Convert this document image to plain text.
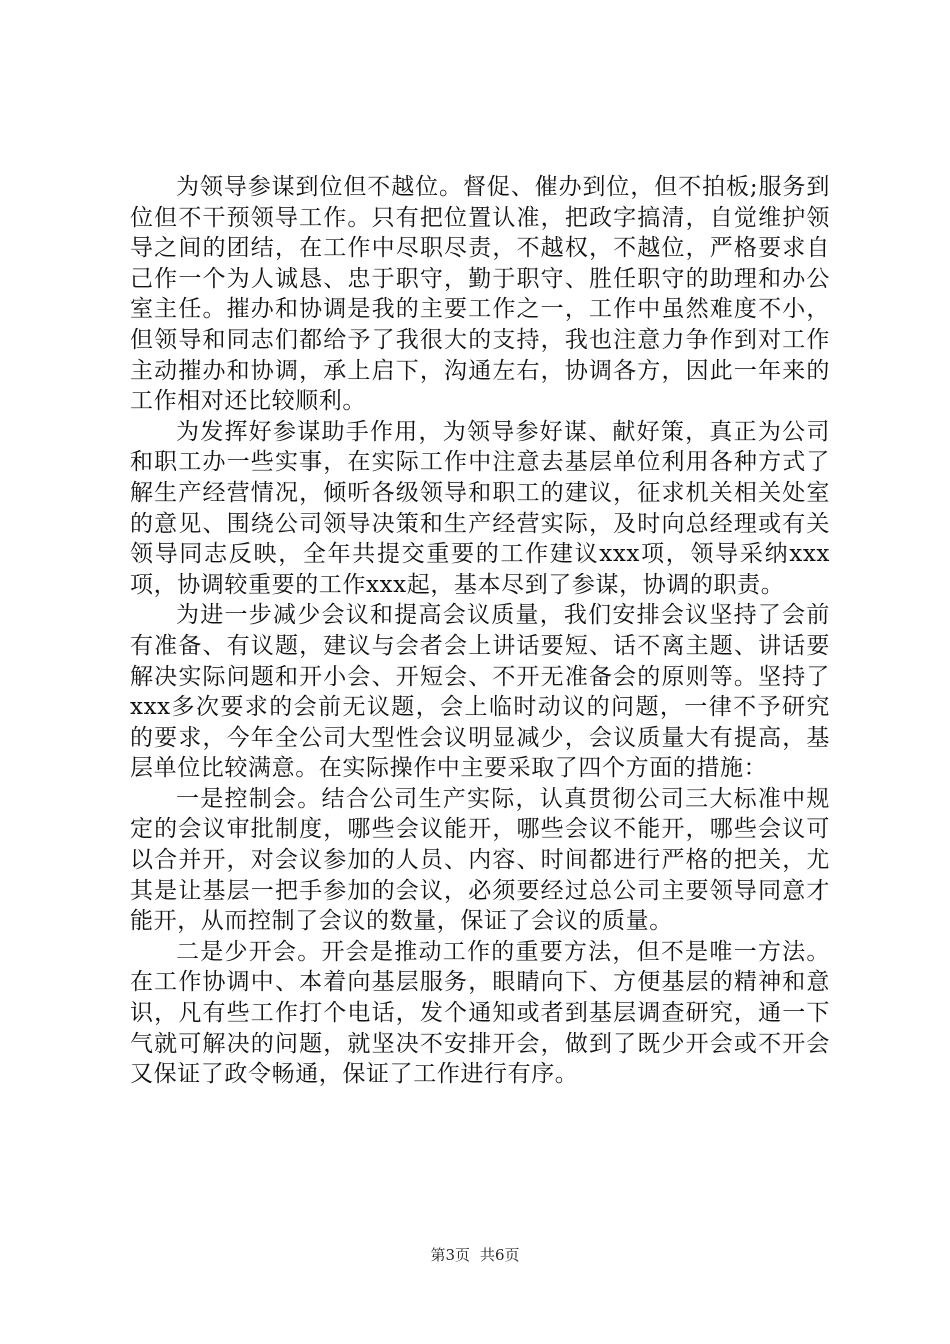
为领导参谋到位但不越位。督促、催办到位，但不拍板;服务到位但不干预领导工作。只有把位置认准，把政字搞清，自觉维护领导之间的团结，在工作中尽职尽责，不越权，不越位，严格要求自己作一个为人诚恳、忠于职守，勤于职守、胜任职守的助理和办公室主任。摧办和协调是我的主要工作之一，工作中虽然难度不小，但领导和同志们都给予了我很大的支持，我也注意力争作到对工作主动摧办和协调，承上启下，沟通左右，协调各方，因此一年来的工作相对还比较顺利。

为发挥好参谋助手作用，为领导参好谋、献好策，真正为公司和职工办一些实事，在实际工作中注意去基层单位利用各种方式了解生产经营情况，倾听各级领导和职工的建议，征求机关相关处室的意见、围绕公司领导决策和生产经营实际，及时向总经理或有关领导同志反映，全年共提交重要的工作建议xxx项，领导采纳xxx项，协调较重要的工作xxx起，基本尽到了参谋，协调的职责。

为进一步减少会议和提高会议质量，我们安排会议坚持了会前有准备、有议题，建议与会者会上讲话要短、话不离主题、讲话要解决实际问题和开小会、开短会、不开无准备会的原则等。坚持了xxx多次要求的会前无议题，会上临时动议的问题，一律不予研究的要求，今年全公司大型性会议明显减少，会议质量大有提高，基层单位比较满意。在实际操作中主要采取了四个方面的措施：

一是控制会。结合公司生产实际，认真贯彻公司三大标准中规定的会议审批制度，哪些会议能开，哪些会议不能开，哪些会议可以合并开，对会议参加的人员、内容、时间都进行严格的把关，尤其是让基层一把手参加的会议，必须要经过总公司主要领导同意才能开，从而控制了会议的数量，保证了会议的质量。

二是少开会。开会是推动工作的重要方法，但不是唯一方法。在工作协调中、本着向基层服务，眼睛向下、方便基层的精神和意识，凡有些工作打个电话，发个通知或者到基层调查研究，通一下气就可解决的问题，就坚决不安排开会，做到了既少开会或不开会又保证了政令畅通，保证了工作进行有序。

第3页 共6页
